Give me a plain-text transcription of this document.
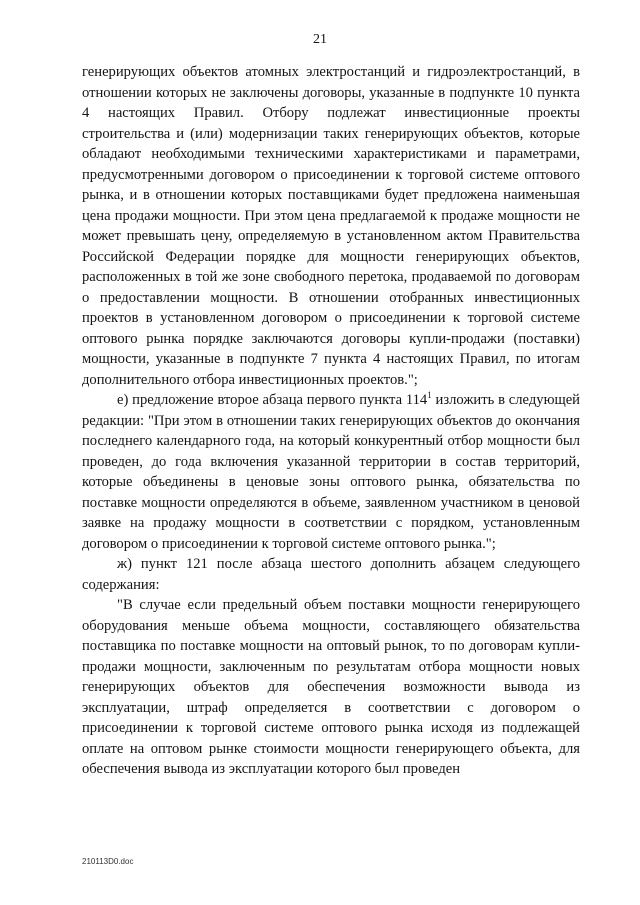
21

генерирующих объектов атомных электростанций и гидроэлектростанций, в отношении которых не заключены договоры, указанные в подпункте 10 пункта 4 настоящих Правил. Отбору подлежат инвестиционные проекты строительства и (или) модернизации таких генерирующих объектов, которые обладают необходимыми техническими характеристиками и параметрами, предусмотренными договором о присоединении к торговой системе оптового рынка, и в отношении которых поставщиками будет предложена наименьшая цена продажи мощности. При этом цена предлагаемой к продаже мощности не может превышать цену, определяемую в установленном актом Правительства Российской Федерации порядке для мощности генерирующих объектов, расположенных в той же зоне свободного перетока, продаваемой по договорам о предоставлении мощности. В отношении отобранных инвестиционных проектов в установленном договором о присоединении к торговой системе оптового рынка порядке заключаются договоры купли-продажи (поставки) мощности, указанные в подпункте 7 пункта 4 настоящих Правил, по итогам дополнительного отбора инвестиционных проектов.";

е) предложение второе абзаца первого пункта $114^1$ изложить в следующей редакции: "При этом в отношении таких генерирующих объектов до окончания последнего календарного года, на который конкурентный отбор мощности был проведен, до года включения указанной территории в состав территорий, которые объединены в ценовые зоны оптового рынка, обязательства по поставке мощности определяются в объеме, заявленном участником в ценовой заявке на продажу мощности в соответствии с порядком, установленным договором о присоединении к торговой системе оптового рынка.";

ж) пункт 121 после абзаца шестого дополнить абзацем следующего содержания:

"В случае если предельный объем поставки мощности генерирующего оборудования меньше объема мощности, составляющего обязательства поставщика по поставке мощности на оптовый рынок, то по договорам купли-продажи мощности, заключенным по результатам отбора мощности новых генерирующих объектов для обеспечения возможности вывода из эксплуатации, штраф определяется в соответствии с договором о присоединении к торговой системе оптового рынка исходя из подлежащей оплате на оптовом рынке стоимости мощности генерирующего объекта, для обеспечения вывода из эксплуатации которого был проведен

210113D0.doc
